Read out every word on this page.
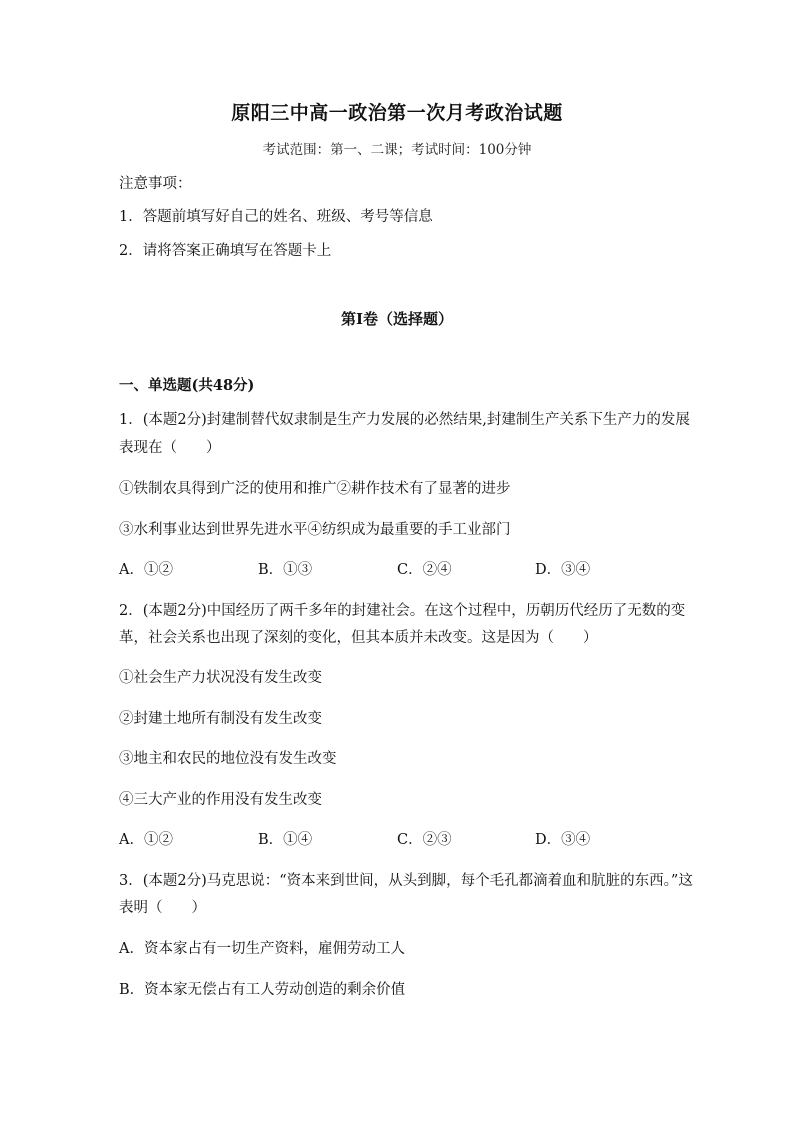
原阳三中高一政治第一次月考政治试题
考试范围：第一、二课；考试时间：100分钟
注意事项：
1．答题前填写好自己的姓名、班级、考号等信息
2．请将答案正确填写在答题卡上
第I卷（选择题）
一、单选题(共48分)
1．(本题2分)封建制替代奴隶制是生产力发展的必然结果,封建制生产关系下生产力的发展
表现在（　　）
①铁制农具得到广泛的使用和推广②耕作技术有了显著的进步
③水利事业达到世界先进水平④纺织成为最重要的手工业部门
A．①②	B．①③	C．②④	D．③④
2．(本题2分)中国经历了两千多年的封建社会。在这个过程中，历朝历代经历了无数的变
革，社会关系也出现了深刻的变化，但其本质并未改变。这是因为（　　）
①社会生产力状况没有发生改变
②封建土地所有制没有发生改变
③地主和农民的地位没有发生改变
④三大产业的作用没有发生改变
A．①②	B．①④	C．②③	D．③④
3．(本题2分)马克思说：“资本来到世间，从头到脚，每个毛孔都滴着血和肮脏的东西。”这
表明（　　）
A．资本家占有一切生产资料，雇佣劳动工人
B．资本家无偿占有工人劳动创造的剩余价值
